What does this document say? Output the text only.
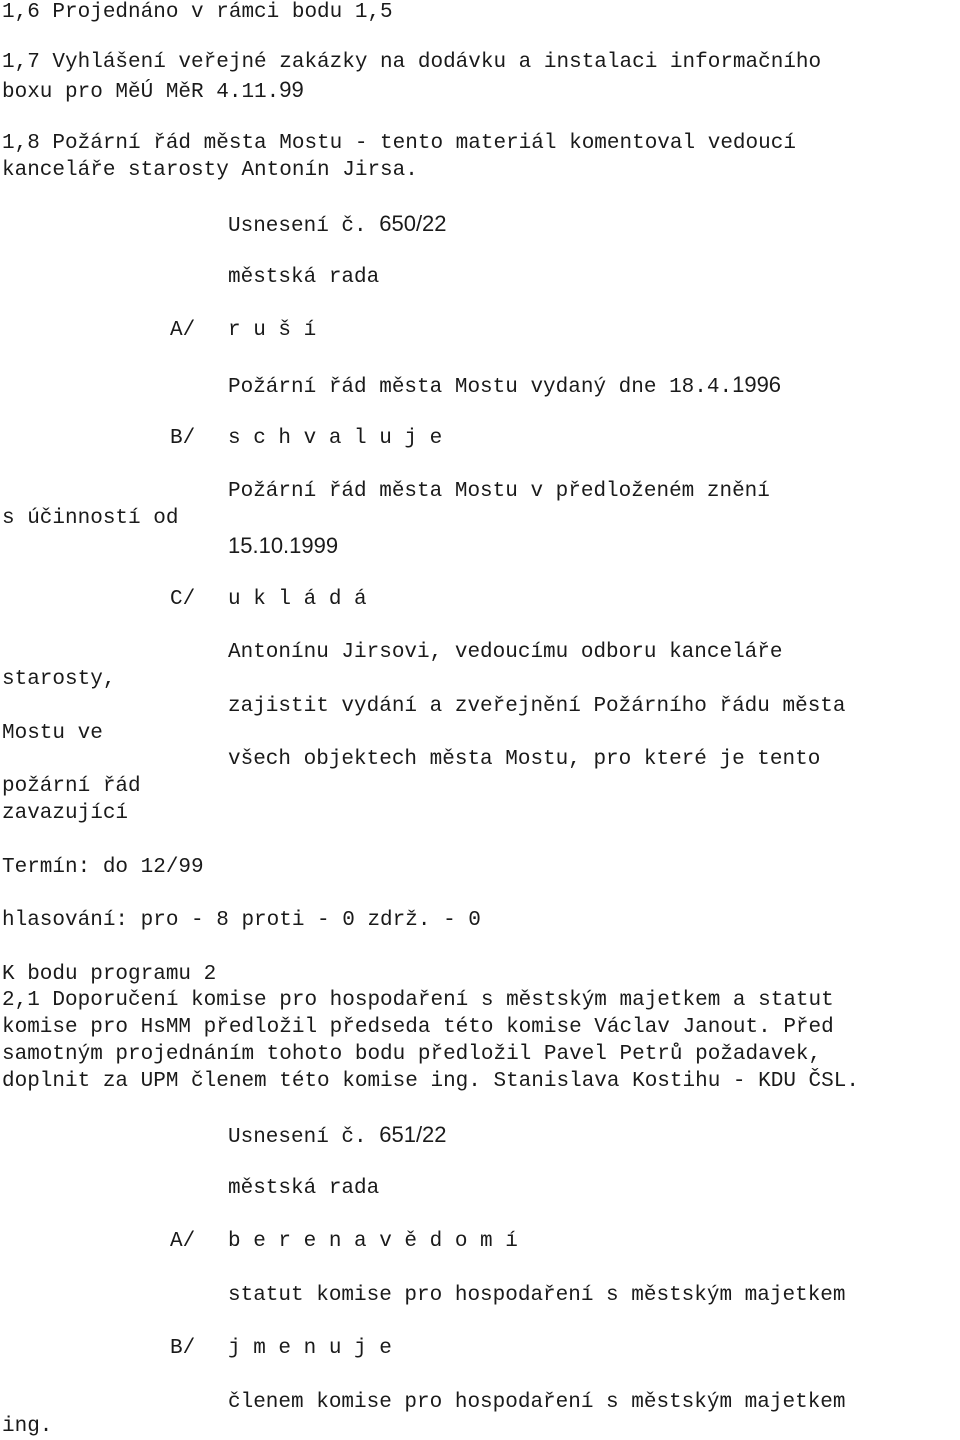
1,6 Projednáno v rámci bodu 1,5
1,7 Vyhlášení veřejné zakázky na dodávku a instalaci informačního
boxu pro MěÚ MěR 4.11.99
1,8 Požární řád města Mostu - tento materiál komentoval vedoucí
kanceláře starosty Antonín Jirsa.
Usnesení č. 650/22
městská rada
A/ r u š í
Požární řád města Mostu vydaný dne 18.4.1996
B/ s c h v a l u j e
Požární řád města Mostu v předloženém znění
s účinností od
15.10.1999
C/ u k l á d á
Antonínu Jirsovi, vedoucímu odboru kanceláře
starosty,
zajistit vydání a zveřejnění Požárního řádu města
Mostu ve
všech objektech města Mostu, pro které je tento
požární řád
zavazující
Termín: do 12/99
hlasování: pro - 8 proti - 0 zdrž. - 0
K bodu programu 2
2,1 Doporučení komise pro hospodaření s městským majetkem a statut
komise pro HsMM předložil předseda této komise Václav Janout. Před
samotným projednáním tohoto bodu předložil Pavel Petrů požadavek,
doplnit za UPM členem této komise ing. Stanislava Kostihu - KDU ČSL.
Usnesení č. 651/22
městská rada
A/ b e r e n a v ě d o m í
statut komise pro hospodaření s městským majetkem
B/ j m e n u j e
členem komise pro hospodaření s městským majetkem
ing.
